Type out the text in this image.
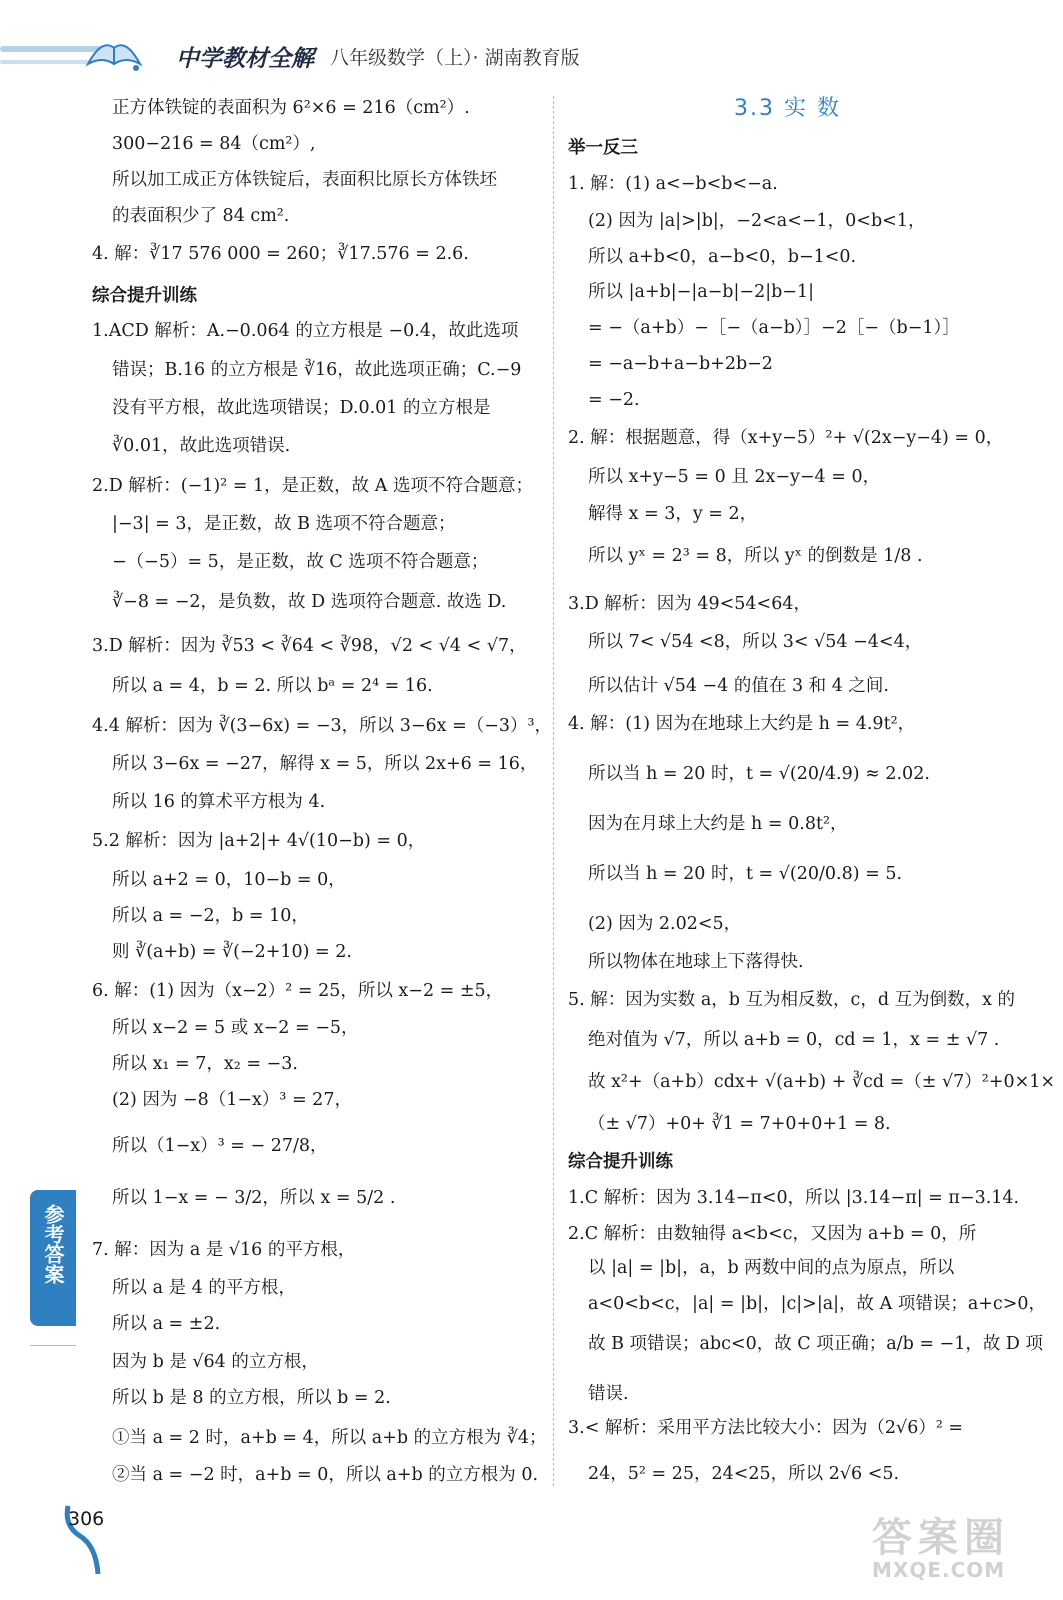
中学教材全解 八年级数学（上）· 湖南教育版
3.3 实 数
正方体铁锭的表面积为 6²×6 = 216（cm²）.
300−216 = 84（cm²）,
所以加工成正方体铁锭后，表面积比原长方体铁坯
的表面积少了 84 cm².
4. 解：∛17 576 000 = 260；∛17.576 = 2.6.
综合提升训练
1.ACD 解析：A.−0.064 的立方根是 −0.4，故此选项
错误；B.16 的立方根是 ∛16，故此选项正确；C.−9
没有平方根，故此选项错误；D.0.01 的立方根是
∛0.01，故此选项错误.
2.D 解析：(−1)² = 1，是正数，故 A 选项不符合题意；
|−3| = 3，是正数，故 B 选项不符合题意；
−（−5）= 5，是正数，故 C 选项不符合题意；
∛−8 = −2，是负数，故 D 选项符合题意. 故选 D.
3.D 解析：因为 ∛53 < ∛64 < ∛98，√2 < √4 < √7，
所以 a = 4，b = 2. 所以 bᵃ = 2⁴ = 16.
4.4 解析：因为 ∛(3−6x) = −3，所以 3−6x =（−3）³，
所以 3−6x = −27，解得 x = 5，所以 2x+6 = 16，
所以 16 的算术平方根为 4.
5.2 解析：因为 |a+2|+ 4√(10−b) = 0，
所以 a+2 = 0，10−b = 0，
所以 a = −2，b = 10，
则 ∛(a+b) = ∛(−2+10) = 2.
6. 解：(1) 因为（x−2）² = 25，所以 x−2 = ±5，
所以 x−2 = 5 或 x−2 = −5，
所以 x₁ = 7，x₂ = −3.
(2) 因为 −8（1−x）³ = 27，
所以（1−x）³ = − 27/8，
所以 1−x = − 3/2，所以 x = 5/2 .
7. 解：因为 a 是 √16 的平方根，
所以 a 是 4 的平方根，
所以 a = ±2.
因为 b 是 √64 的立方根，
所以 b 是 8 的立方根，所以 b = 2.
①当 a = 2 时，a+b = 4，所以 a+b 的立方根为 ∛4；
②当 a = −2 时，a+b = 0，所以 a+b 的立方根为 0.
举一反三
1. 解：(1) a<−b<b<−a.
(2) 因为 |a|>|b|，−2<a<−1，0<b<1，
所以 a+b<0，a−b<0，b−1<0.
所以 |a+b|−|a−b|−2|b−1|
= −（a+b）−［−（a−b）］−2［−（b−1）］
= −a−b+a−b+2b−2
= −2.
2. 解：根据题意，得（x+y−5）²+ √(2x−y−4) = 0，
所以 x+y−5 = 0 且 2x−y−4 = 0，
解得 x = 3，y = 2，
所以 yˣ = 2³ = 8，所以 yˣ 的倒数是 1/8 .
3.D 解析：因为 49<54<64，
所以 7< √54 <8，所以 3< √54 −4<4，
所以估计 √54 −4 的值在 3 和 4 之间.
4. 解：(1) 因为在地球上大约是 h = 4.9t²，
所以当 h = 20 时，t = √(20/4.9) ≈ 2.02.
因为在月球上大约是 h = 0.8t²，
所以当 h = 20 时，t = √(20/0.8) = 5.
(2) 因为 2.02<5，
所以物体在地球上下落得快.
5. 解：因为实数 a，b 互为相反数，c，d 互为倒数，x 的
绝对值为 √7，所以 a+b = 0，cd = 1，x = ± √7 .
故 x²+（a+b）cdx+ √(a+b) + ∛cd =（± √7）²+0×1×
（± √7）+0+ ∛1 = 7+0+0+1 = 8.
综合提升训练
1.C 解析：因为 3.14−π<0，所以 |3.14−π| = π−3.14.
2.C 解析：由数轴得 a<b<c，又因为 a+b = 0，所
以 |a| = |b|，a，b 两数中间的点为原点，所以
a<0<b<c，|a| = |b|，|c|>|a|，故 A 项错误；a+c>0，
故 B 项错误；abc<0，故 C 项正确；a/b = −1，故 D 项
错误.
3.< 解析：采用平方法比较大小：因为（2√6）² =
24，5² = 25，24<25，所以 2√6 <5.
参考答案
306	答案圈
MXQE.COM
